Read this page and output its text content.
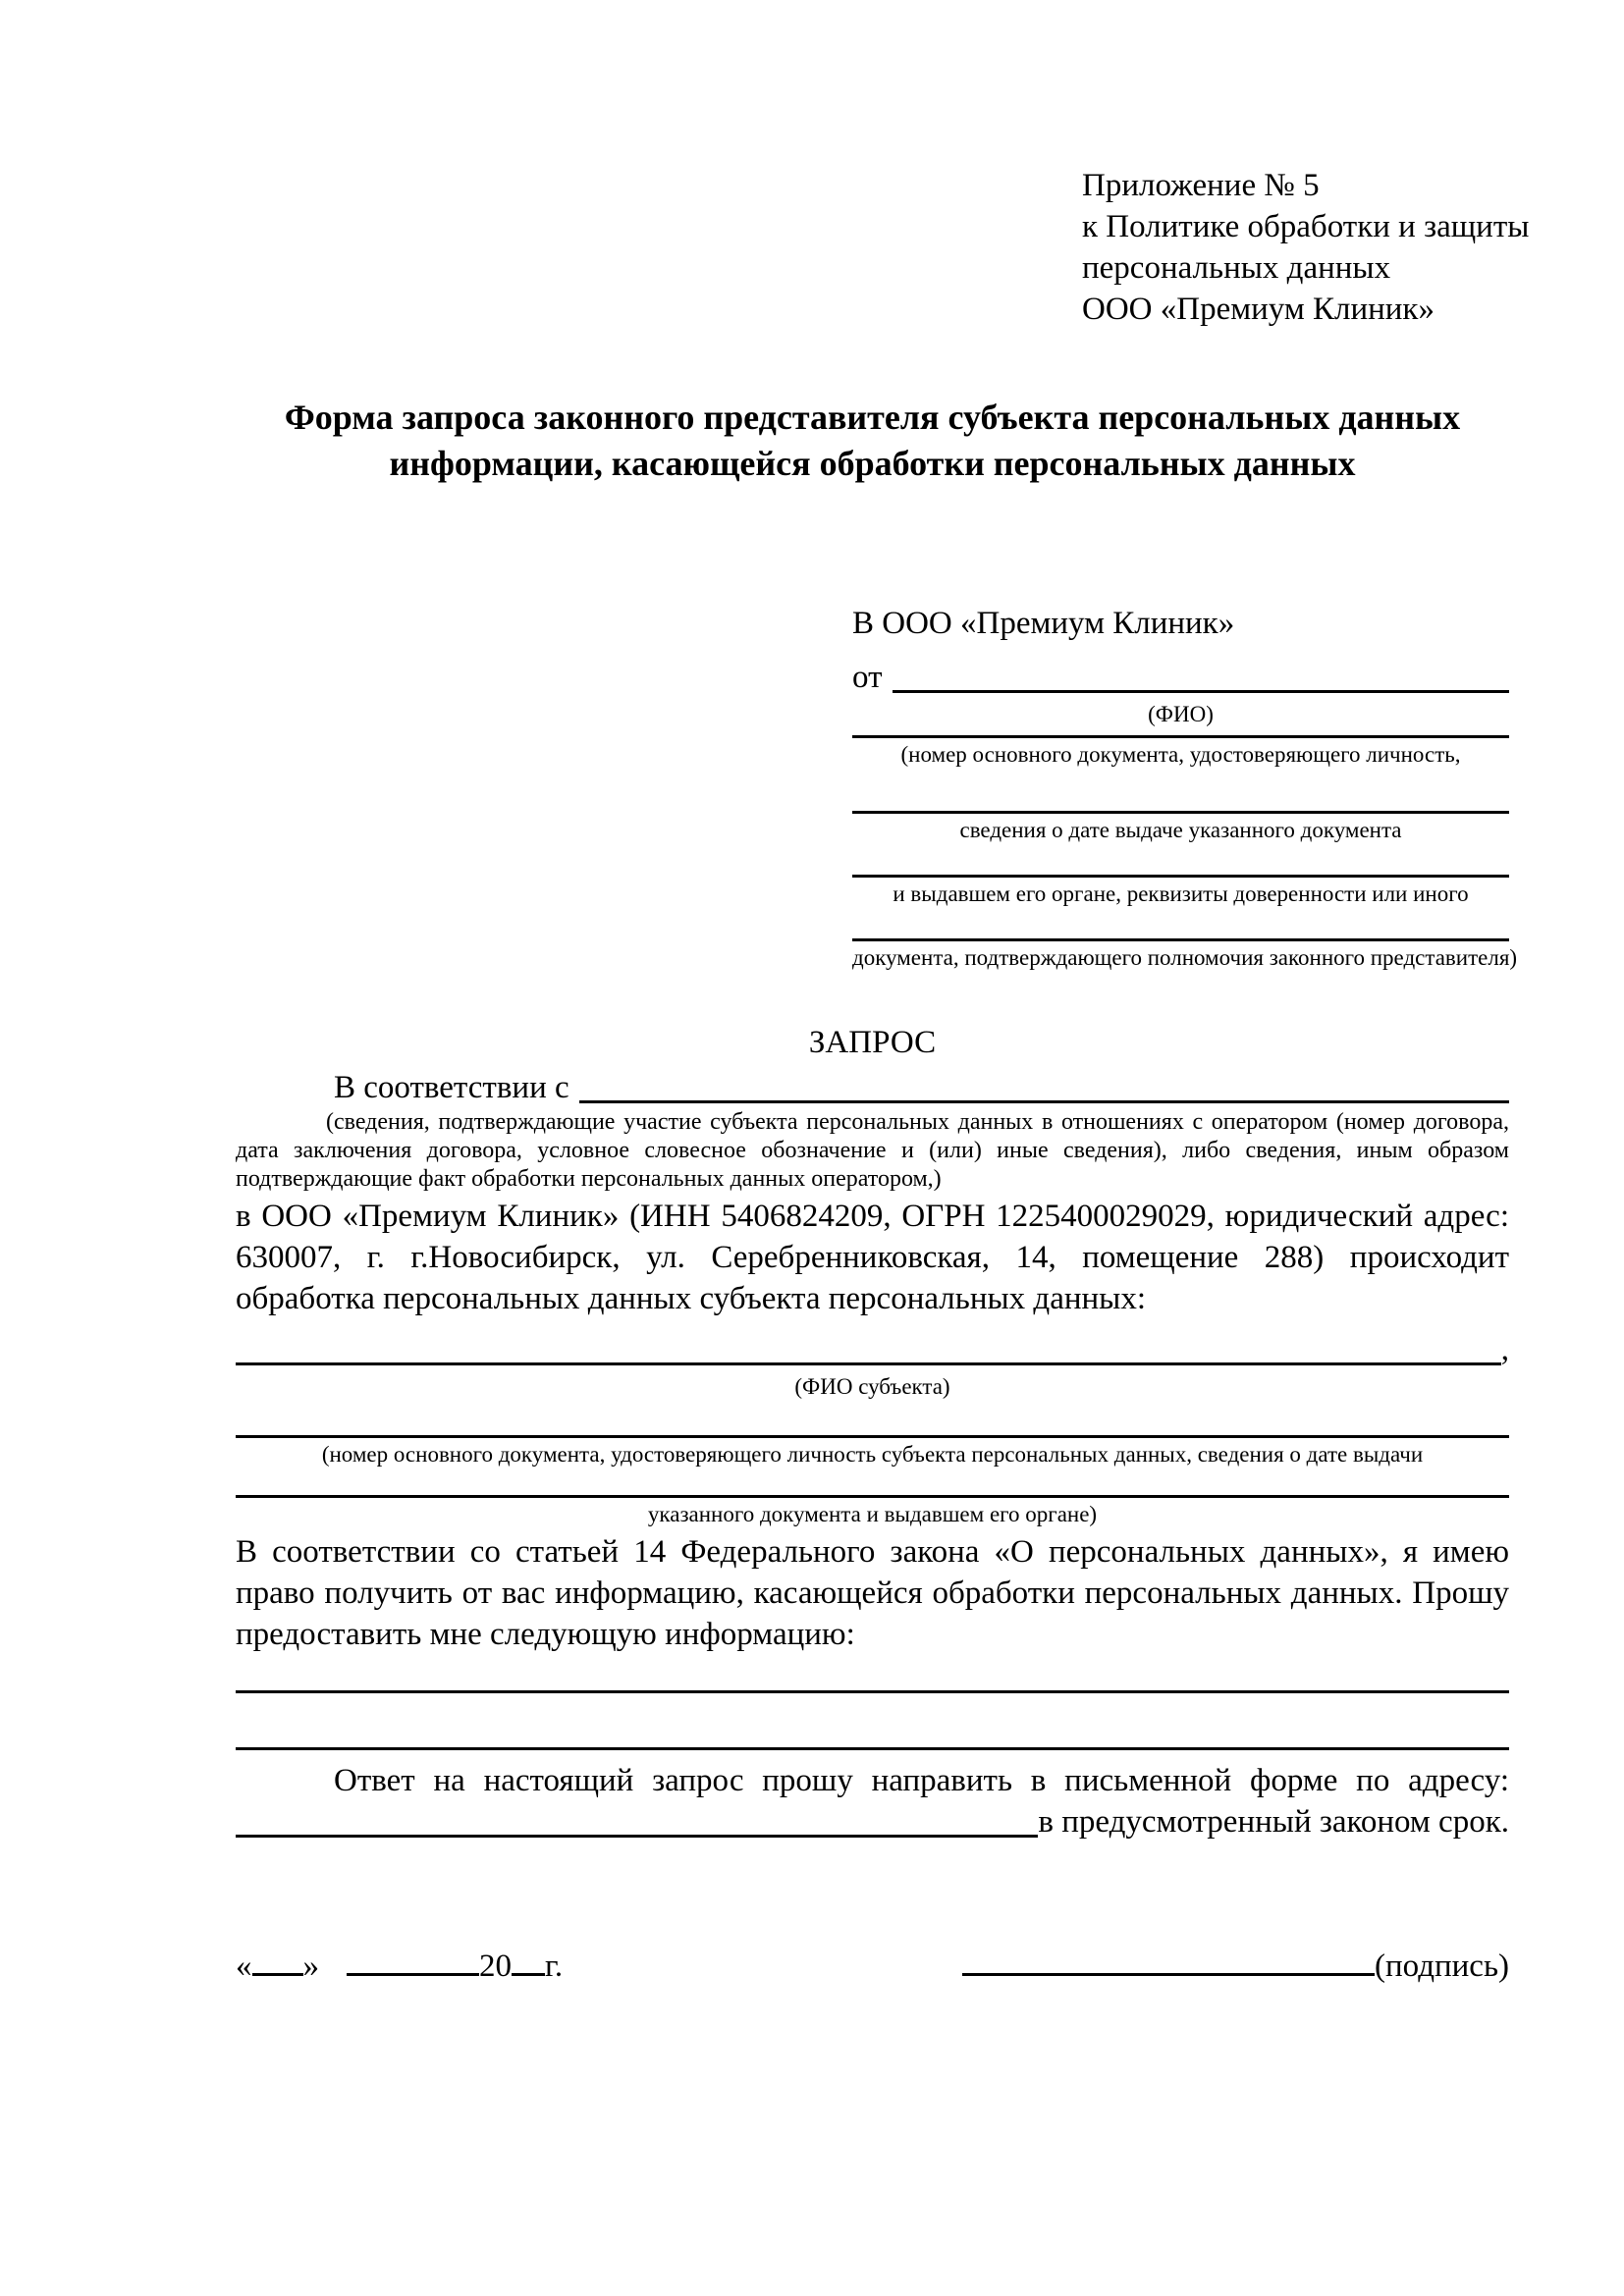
Приложение № 5
к Политике обработки и защиты
персональных данных
ООО «Премиум Клиник»
Форма запроса законного представителя субъекта персональных данных информации, касающейся обработки персональных данных
В ООО «Премиум Клиник»
от
(ФИО)
(номер основного документа, удостоверяющего личность,
сведения о дате выдаче указанного документа
и выдавшем его органе, реквизиты доверенности или иного
документа, подтверждающего полномочия законного представителя)
ЗАПРОС
В соответствии с
(сведения, подтверждающие участие субъекта персональных данных в отношениях с оператором (номер договора, дата заключения договора, условное словесное обозначение и (или) иные сведения), либо сведения, иным образом подтверждающие факт обработки персональных данных оператором,)

в ООО «Премиум Клиник» (ИНН 5406824209, ОГРН 1225400029029, юридический адрес: 630007, г. г.Новосибирск, ул. Серебренниковская, 14, помещение 288) происходит обработка персональных данных субъекта персональных данных:

,
(ФИО субъекта)
(номер основного документа, удостоверяющего личность субъекта персональных данных, сведения о дате выдачи
указанного документа и выдавшем его органе)

В соответствии со статьей 14 Федерального закона «О персональных данных», я имею право получить от вас информацию, касающейся обработки персональных данных. Прошу предоставить мне следующую информацию:

Ответ на настоящий запрос прошу направить в письменной форме по адресу:
в предусмотренный законом срок.
« »	20 г.	(подпись)
